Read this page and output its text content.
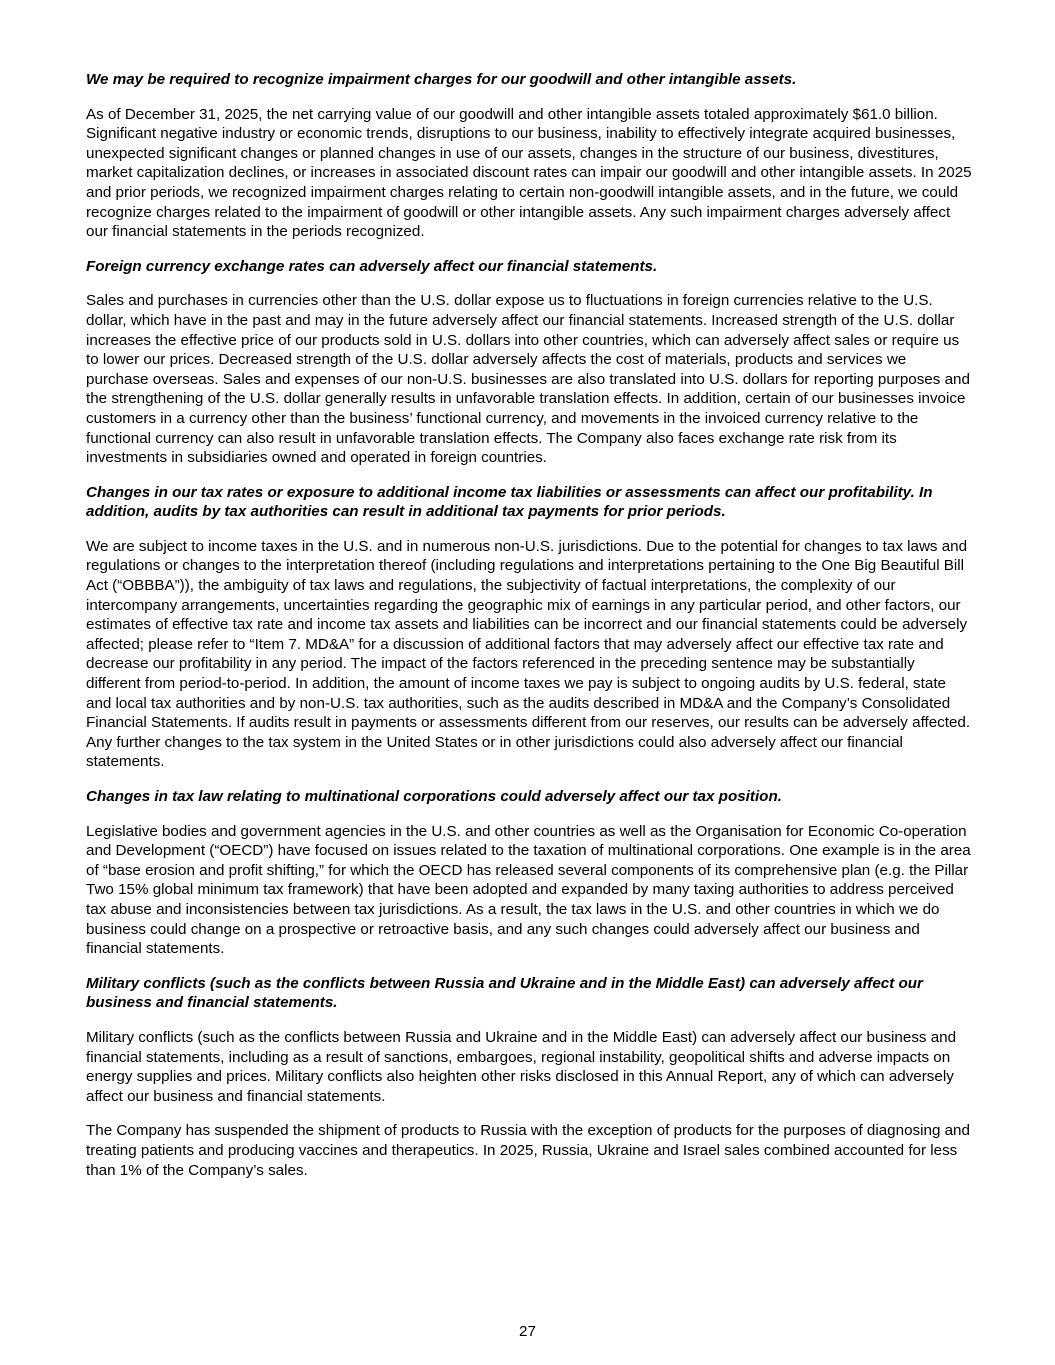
We may be required to recognize impairment charges for our goodwill and other intangible assets.

As of December 31, 2025, the net carrying value of our goodwill and other intangible assets totaled approximately $61.0 billion. Significant negative industry or economic trends, disruptions to our business, inability to effectively integrate acquired businesses, unexpected significant changes or planned changes in use of our assets, changes in the structure of our business, divestitures, market capitalization declines, or increases in associated discount rates can impair our goodwill and other intangible assets. In 2025 and prior periods, we recognized impairment charges relating to certain non-goodwill intangible assets, and in the future, we could recognize charges related to the impairment of goodwill or other intangible assets. Any such impairment charges adversely affect our financial statements in the periods recognized.

Foreign currency exchange rates can adversely affect our financial statements.

Sales and purchases in currencies other than the U.S. dollar expose us to fluctuations in foreign currencies relative to the U.S. dollar, which have in the past and may in the future adversely affect our financial statements. Increased strength of the U.S. dollar increases the effective price of our products sold in U.S. dollars into other countries, which can adversely affect sales or require us to lower our prices. Decreased strength of the U.S. dollar adversely affects the cost of materials, products and services we purchase overseas. Sales and expenses of our non-U.S. businesses are also translated into U.S. dollars for reporting purposes and the strengthening of the U.S. dollar generally results in unfavorable translation effects. In addition, certain of our businesses invoice customers in a currency other than the business’ functional currency, and movements in the invoiced currency relative to the functional currency can also result in unfavorable translation effects. The Company also faces exchange rate risk from its investments in subsidiaries owned and operated in foreign countries.

Changes in our tax rates or exposure to additional income tax liabilities or assessments can affect our profitability. In addition, audits by tax authorities can result in additional tax payments for prior periods.

We are subject to income taxes in the U.S. and in numerous non-U.S. jurisdictions. Due to the potential for changes to tax laws and regulations or changes to the interpretation thereof (including regulations and interpretations pertaining to the One Big Beautiful Bill Act (“OBBBA”)), the ambiguity of tax laws and regulations, the subjectivity of factual interpretations, the complexity of our intercompany arrangements, uncertainties regarding the geographic mix of earnings in any particular period, and other factors, our estimates of effective tax rate and income tax assets and liabilities can be incorrect and our financial statements could be adversely affected; please refer to “Item 7. MD&A” for a discussion of additional factors that may adversely affect our effective tax rate and decrease our profitability in any period. The impact of the factors referenced in the preceding sentence may be substantially different from period-to-period. In addition, the amount of income taxes we pay is subject to ongoing audits by U.S. federal, state and local tax authorities and by non-U.S. tax authorities, such as the audits described in MD&A and the Company’s Consolidated Financial Statements. If audits result in payments or assessments different from our reserves, our results can be adversely affected. Any further changes to the tax system in the United States or in other jurisdictions could also adversely affect our financial statements.

Changes in tax law relating to multinational corporations could adversely affect our tax position.

Legislative bodies and government agencies in the U.S. and other countries as well as the Organisation for Economic Co-operation and Development (“OECD”) have focused on issues related to the taxation of multinational corporations. One example is in the area of “base erosion and profit shifting,” for which the OECD has released several components of its comprehensive plan (e.g. the Pillar Two 15% global minimum tax framework) that have been adopted and expanded by many taxing authorities to address perceived tax abuse and inconsistencies between tax jurisdictions. As a result, the tax laws in the U.S. and other countries in which we do business could change on a prospective or retroactive basis, and any such changes could adversely affect our business and financial statements.

Military conflicts (such as the conflicts between Russia and Ukraine and in the Middle East) can adversely affect our business and financial statements.

Military conflicts (such as the conflicts between Russia and Ukraine and in the Middle East) can adversely affect our business and financial statements, including as a result of sanctions, embargoes, regional instability, geopolitical shifts and adverse impacts on energy supplies and prices. Military conflicts also heighten other risks disclosed in this Annual Report, any of which can adversely affect our business and financial statements.

The Company has suspended the shipment of products to Russia with the exception of products for the purposes of diagnosing and treating patients and producing vaccines and therapeutics. In 2025, Russia, Ukraine and Israel sales combined accounted for less than 1% of the Company’s sales.

27
